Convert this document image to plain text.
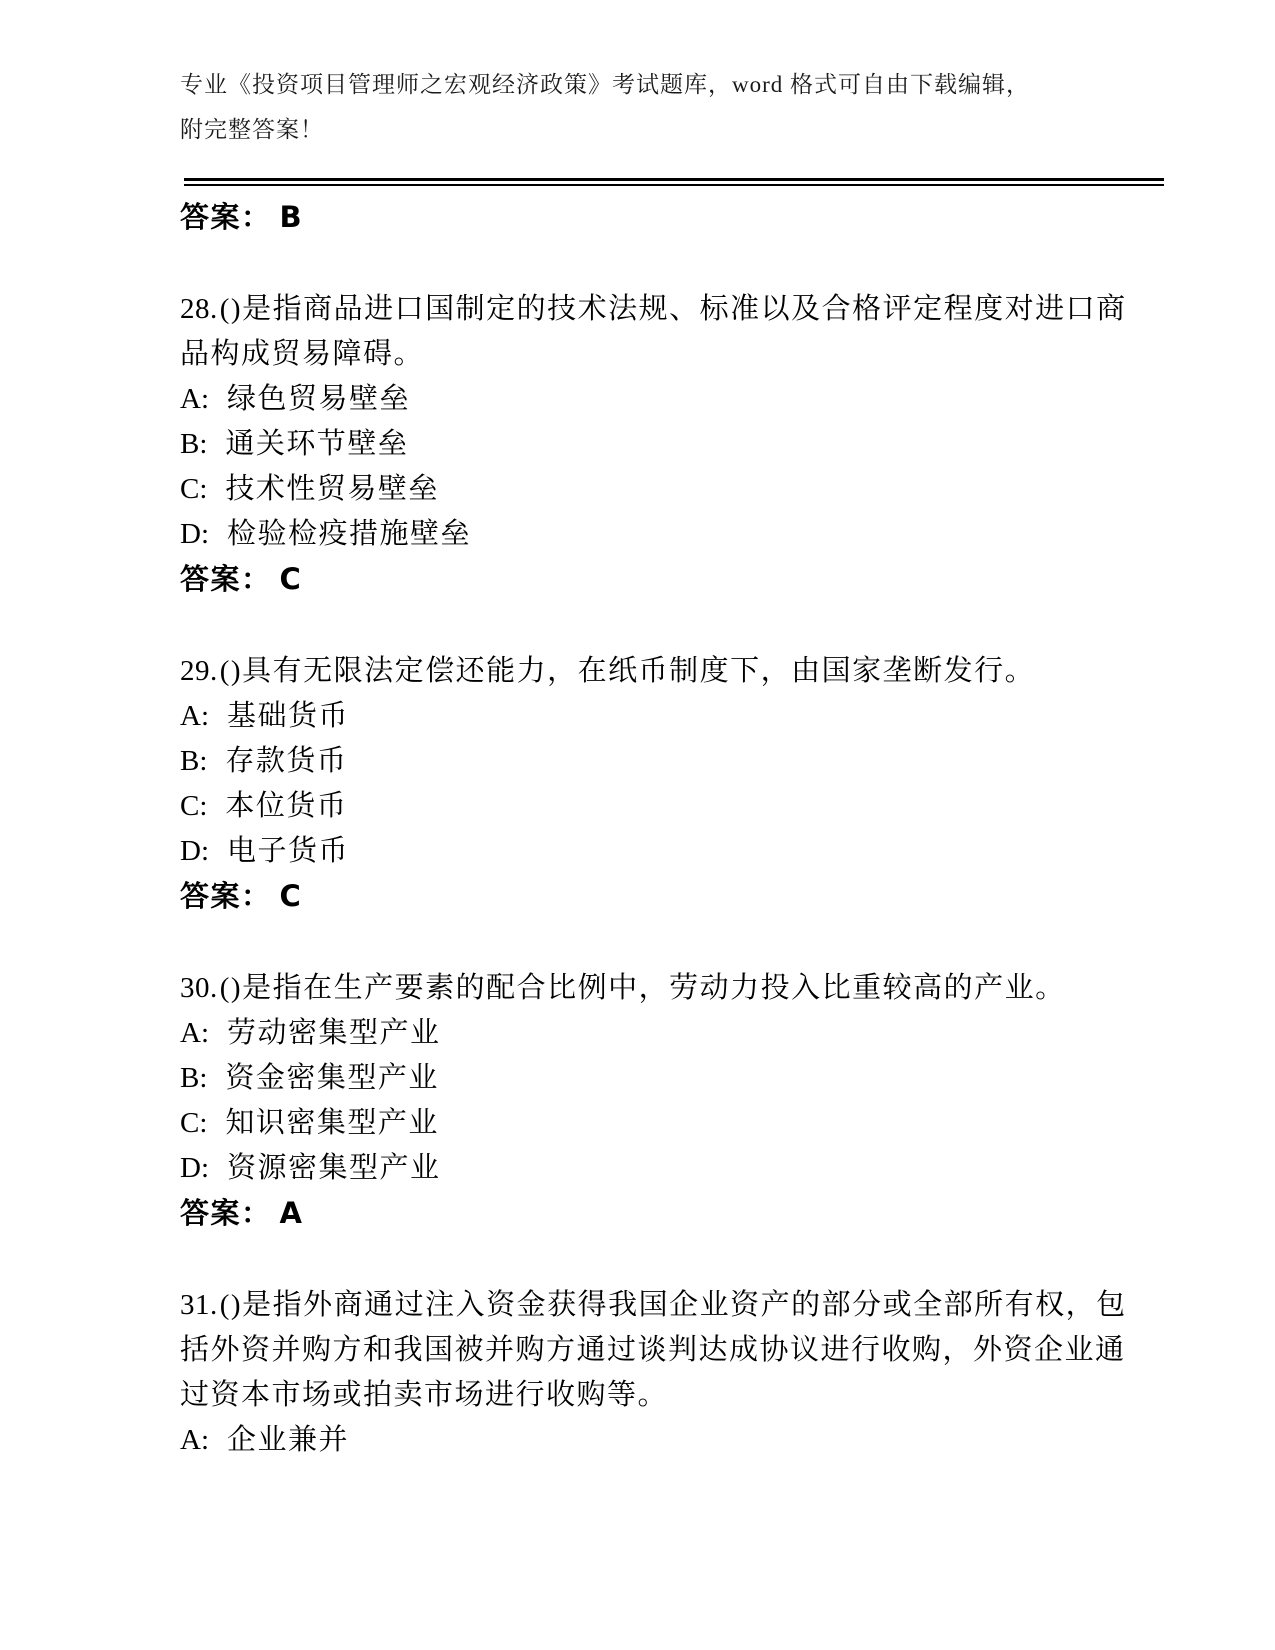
专业《投资项目管理师之宏观经济政策》考试题库，word 格式可自由下载编辑，附完整答案！

答案： B

28.()是指商品进口国制定的技术法规、标准以及合格评定程度对进口商品构成贸易障碍。

A: 绿色贸易壁垒

B: 通关环节壁垒

C: 技术性贸易壁垒

D: 检验检疫措施壁垒

答案： C

29.()具有无限法定偿还能力，在纸币制度下，由国家垄断发行。

A: 基础货币

B: 存款货币

C: 本位货币

D: 电子货币

答案： C

30.()是指在生产要素的配合比例中，劳动力投入比重较高的产业。

A: 劳动密集型产业

B: 资金密集型产业

C: 知识密集型产业

D: 资源密集型产业

答案： A

31.()是指外商通过注入资金获得我国企业资产的部分或全部所有权，包括外资并购方和我国被并购方通过谈判达成协议进行收购，外资企业通过资本市场或拍卖市场进行收购等。

A: 企业兼并
